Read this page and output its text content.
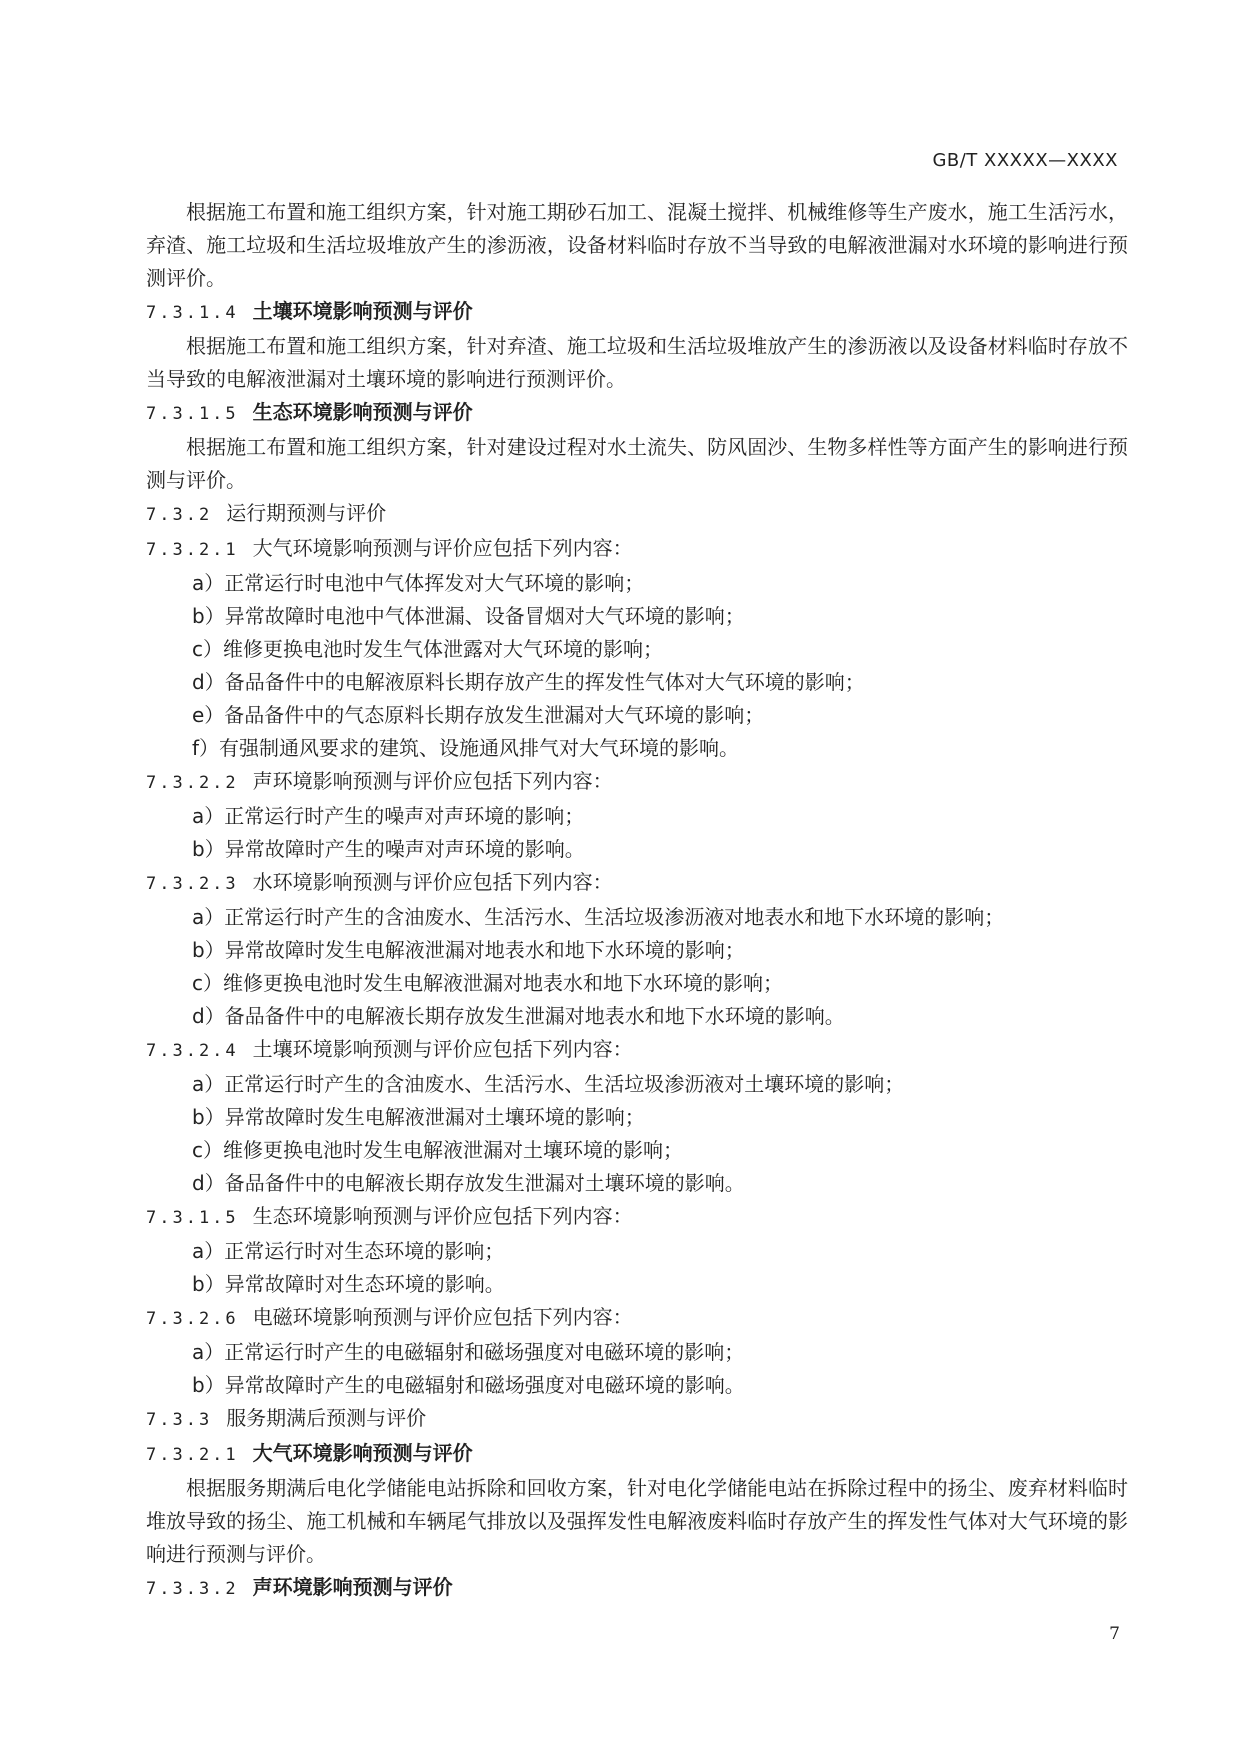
GB/T XXXXX—XXXX

根据施工布置和施工组织方案，针对施工期砂石加工、混凝土搅拌、机械维修等生产废水，施工生活污水，弃渣、施工垃圾和生活垃圾堆放产生的渗沥液，设备材料临时存放不当导致的电解液泄漏对水环境的影响进行预测评价。

7.3.1.4 土壤环境影响预测与评价

根据施工布置和施工组织方案，针对弃渣、施工垃圾和生活垃圾堆放产生的渗沥液以及设备材料临时存放不当导致的电解液泄漏对土壤环境的影响进行预测评价。

7.3.1.5 生态环境影响预测与评价

根据施工布置和施工组织方案，针对建设过程对水土流失、防风固沙、生物多样性等方面产生的影响进行预测与评价。

7.3.2 运行期预测与评价
7.3.2.1 大气环境影响预测与评价应包括下列内容：

a）正常运行时电池中气体挥发对大气环境的影响；

b）异常故障时电池中气体泄漏、设备冒烟对大气环境的影响；

c）维修更换电池时发生气体泄露对大气环境的影响；

d）备品备件中的电解液原料长期存放产生的挥发性气体对大气环境的影响；

e）备品备件中的气态原料长期存放发生泄漏对大气环境的影响；

f）有强制通风要求的建筑、设施通风排气对大气环境的影响。

7.3.2.2 声环境影响预测与评价应包括下列内容：

a）正常运行时产生的噪声对声环境的影响；

b）异常故障时产生的噪声对声环境的影响。

7.3.2.3 水环境影响预测与评价应包括下列内容：

a）正常运行时产生的含油废水、生活污水、生活垃圾渗沥液对地表水和地下水环境的影响；

b）异常故障时发生电解液泄漏对地表水和地下水环境的影响；

c）维修更换电池时发生电解液泄漏对地表水和地下水环境的影响；

d）备品备件中的电解液长期存放发生泄漏对地表水和地下水环境的影响。

7.3.2.4 土壤环境影响预测与评价应包括下列内容：

a）正常运行时产生的含油废水、生活污水、生活垃圾渗沥液对土壤环境的影响；

b）异常故障时发生电解液泄漏对土壤环境的影响；

c）维修更换电池时发生电解液泄漏对土壤环境的影响；

d）备品备件中的电解液长期存放发生泄漏对土壤环境的影响。

7.3.1.5 生态环境影响预测与评价应包括下列内容：

a）正常运行时对生态环境的影响；

b）异常故障时对生态环境的影响。

7.3.2.6 电磁环境影响预测与评价应包括下列内容：

a）正常运行时产生的电磁辐射和磁场强度对电磁环境的影响；

b）异常故障时产生的电磁辐射和磁场强度对电磁环境的影响。

7.3.3 服务期满后预测与评价
7.3.2.1 大气环境影响预测与评价

根据服务期满后电化学储能电站拆除和回收方案，针对电化学储能电站在拆除过程中的扬尘、废弃材料临时堆放导致的扬尘、施工机械和车辆尾气排放以及强挥发性电解液废料临时存放产生的挥发性气体对大气环境的影响进行预测与评价。

7.3.3.2 声环境影响预测与评价
7
